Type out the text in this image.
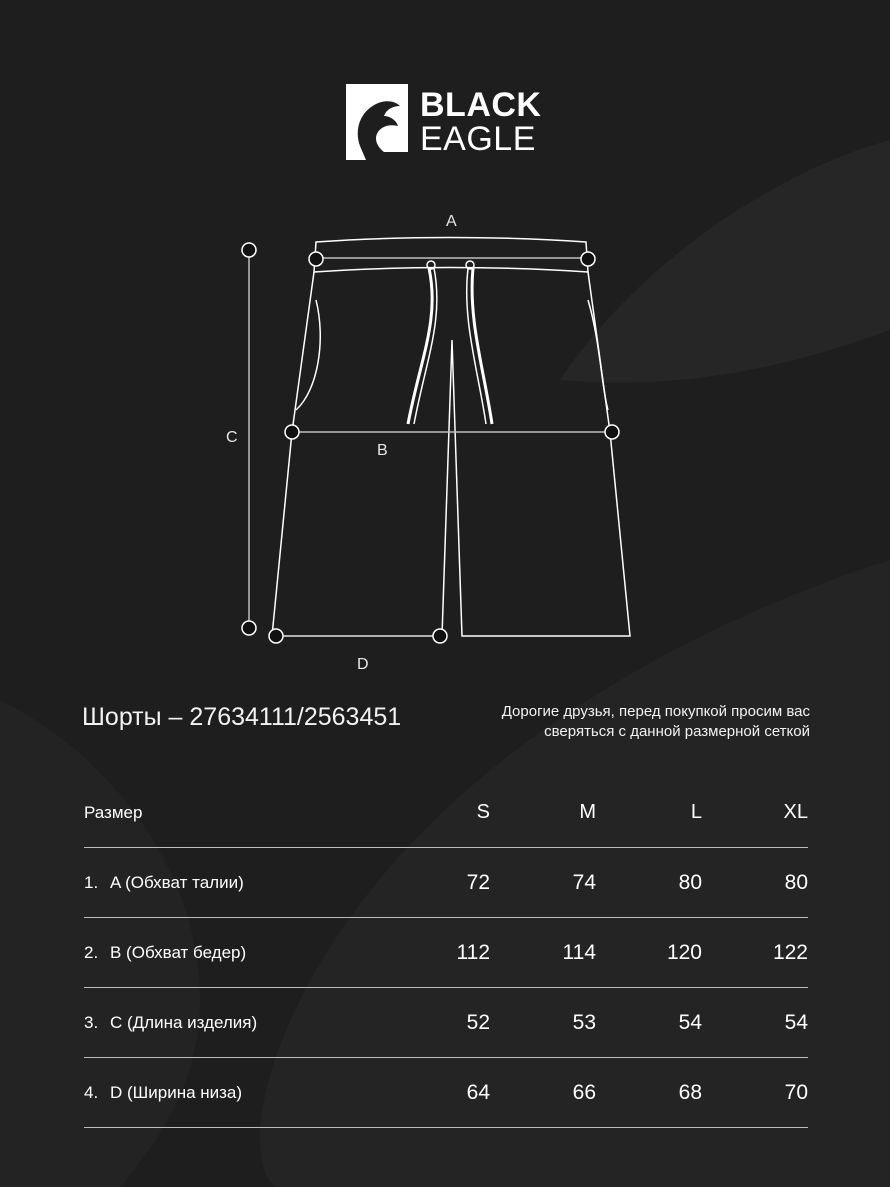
BLACK
EAGLE
A
B
C
D
Шорты – 27634111/2563451	Дорогие друзья, перед покупкой просим вас
сверяться с данной размерной сеткой
Размер	S	M	L	XL
1. A (Обхват талии)	72	74	80	80
2. B (Обхват бедер)	112	114	120	122
3. C (Длина изделия)	52	53	54	54
4. D (Ширина низа)	64	66	68	70
